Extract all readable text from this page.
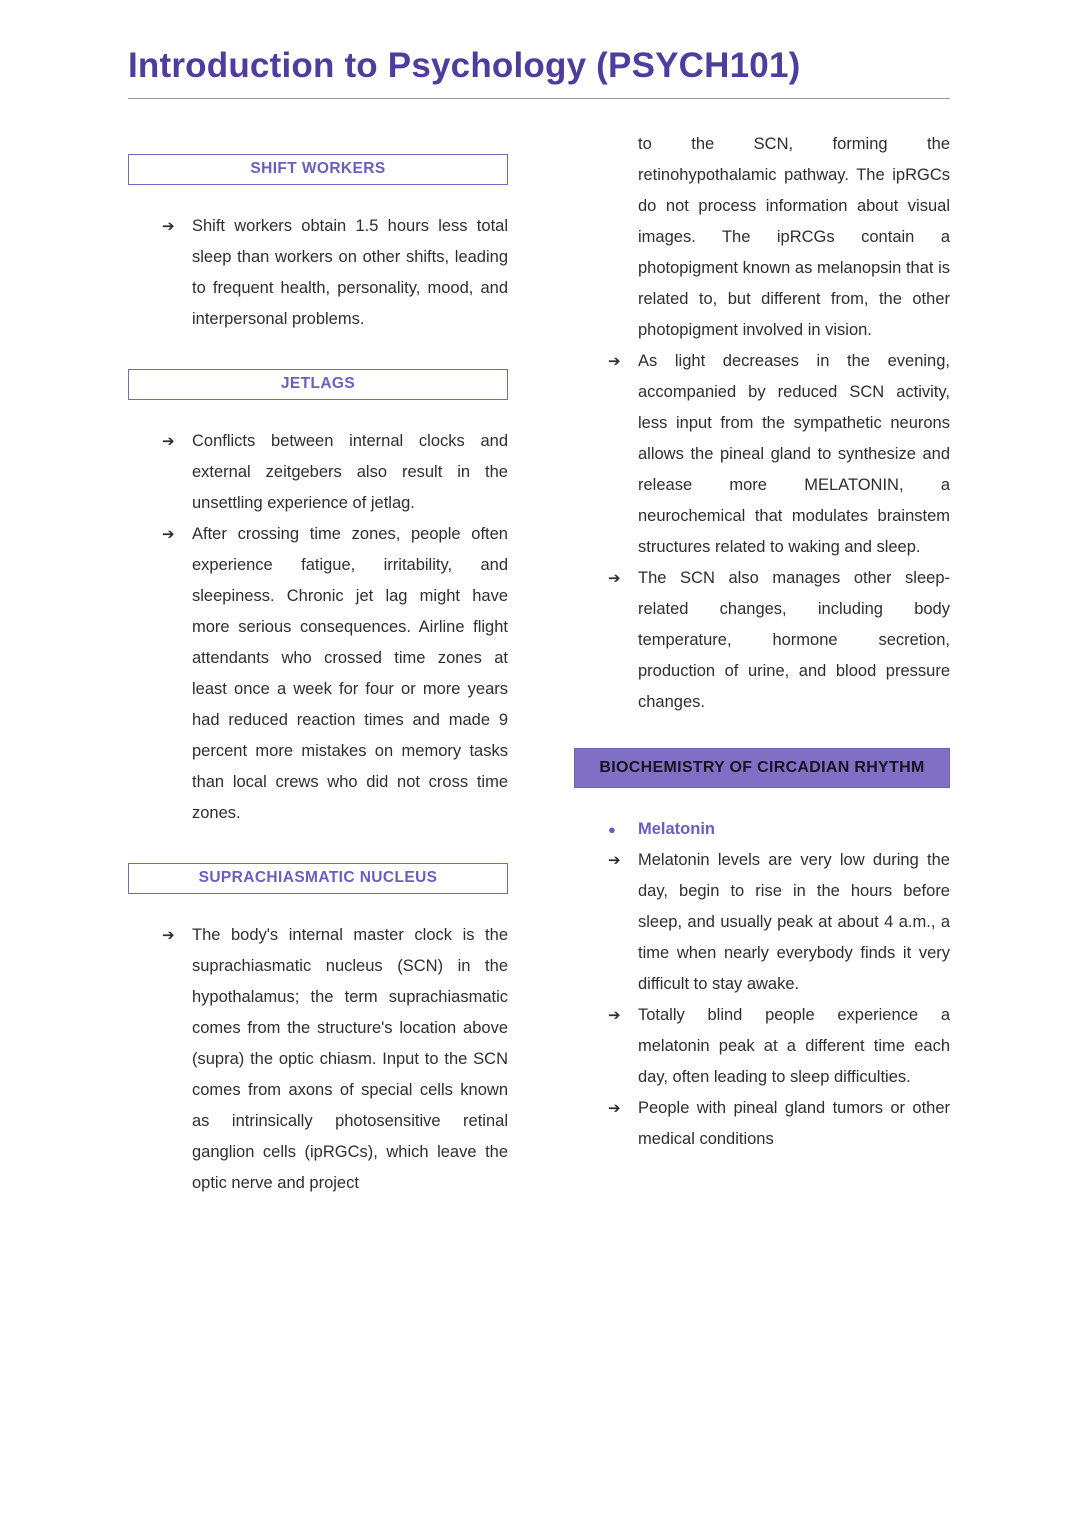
Introduction to Psychology (PSYCH101)
SHIFT WORKERS
➔	Shift workers obtain 1.5 hours less total sleep than workers on other shifts, leading to frequent health, personality, mood, and interpersonal problems.
JETLAGS
➔	Conflicts between internal clocks and external zeitgebers also result in the unsettling experience of jetlag.
➔	After crossing time zones, people often experience fatigue, irritability, and sleepiness. Chronic jet lag might have more serious consequences. Airline flight attendants who crossed time zones at least once a week for four or more years had reduced reaction times and made 9 percent more mistakes on memory tasks than local crews who did not cross time zones.
SUPRACHIASMATIC NUCLEUS
➔	The body's internal master clock is the suprachiasmatic nucleus (SCN) in the hypothalamus; the term suprachiasmatic comes from the structure's location above (supra) the optic chiasm. Input to the SCN comes from axons of special cells known as intrinsically photosensitive retinal ganglion cells (ipRGCs), which leave the optic nerve and project
to the SCN, forming the retinohypothalamic pathway. The ipRGCs do not process information about visual images. The ipRCGs contain a photopigment known as melanopsin that is related to, but different from, the other photopigment involved in vision.
➔	As light decreases in the evening, accompanied by reduced SCN activity, less input from the sympathetic neurons allows the pineal gland to synthesize and release more MELATONIN, a neurochemical that modulates brainstem structures related to waking and sleep.
➔	The SCN also manages other sleep-related changes, including body temperature, hormone secretion, production of urine, and blood pressure changes.
BIOCHEMISTRY OF CIRCADIAN RHYTHM
●	Melatonin
➔	Melatonin levels are very low during the day, begin to rise in the hours before sleep, and usually peak at about 4 a.m., a time when nearly everybody finds it very difficult to stay awake.
➔	Totally blind people experience a melatonin peak at a different time each day, often leading to sleep difficulties.
➔	People with pineal gland tumors or other medical conditions
